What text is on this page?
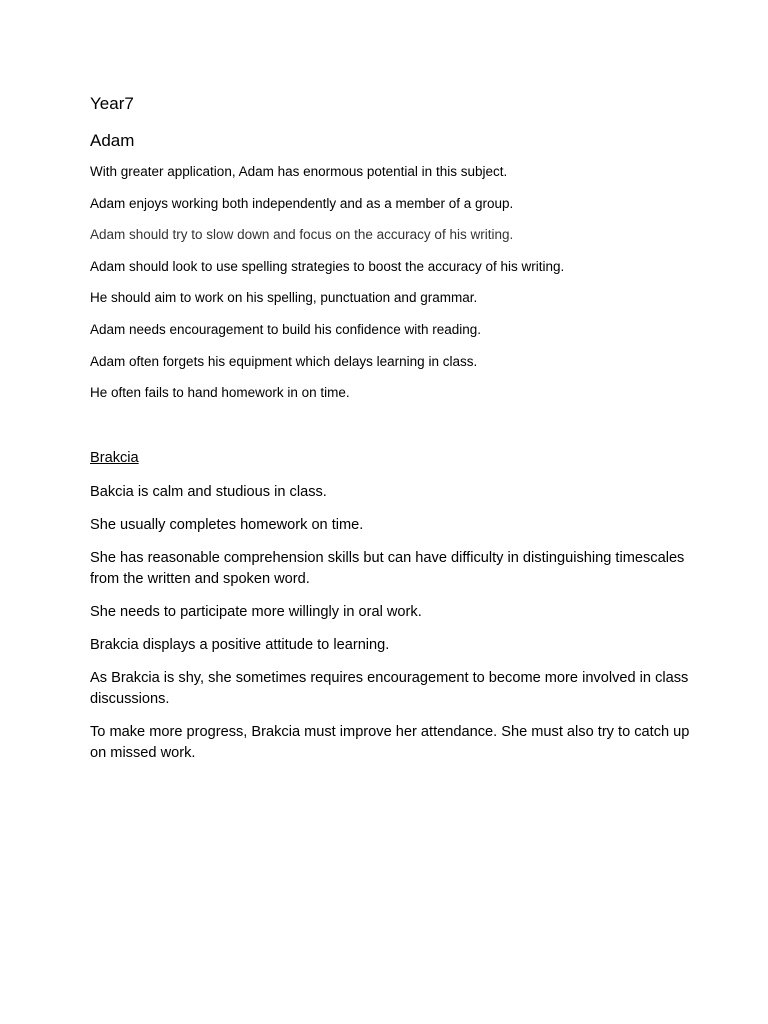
Year7
Adam

With greater application, Adam has enormous potential in this subject.

Adam enjoys working both independently and as a member of a group.

Adam should try to slow down and focus on the accuracy of his writing.

Adam should look to use spelling strategies to boost the accuracy of his writing.

He should aim to work on his spelling, punctuation and grammar.

Adam needs encouragement to build his confidence with reading.

Adam often forgets his equipment which delays learning in class.

He often fails to hand homework in on time.

Brakcia

Bakcia is calm and studious in class.

She usually completes homework on time.

She has reasonable comprehension skills but can have difficulty in distinguishing timescales from the written and spoken word.

She needs to participate more willingly in oral work.

Brakcia displays a positive attitude to learning.

As Brakcia is shy, she sometimes requires encouragement to become more involved in class discussions.

To make more progress, Brakcia must improve her attendance. She must also try to catch up on missed work.
